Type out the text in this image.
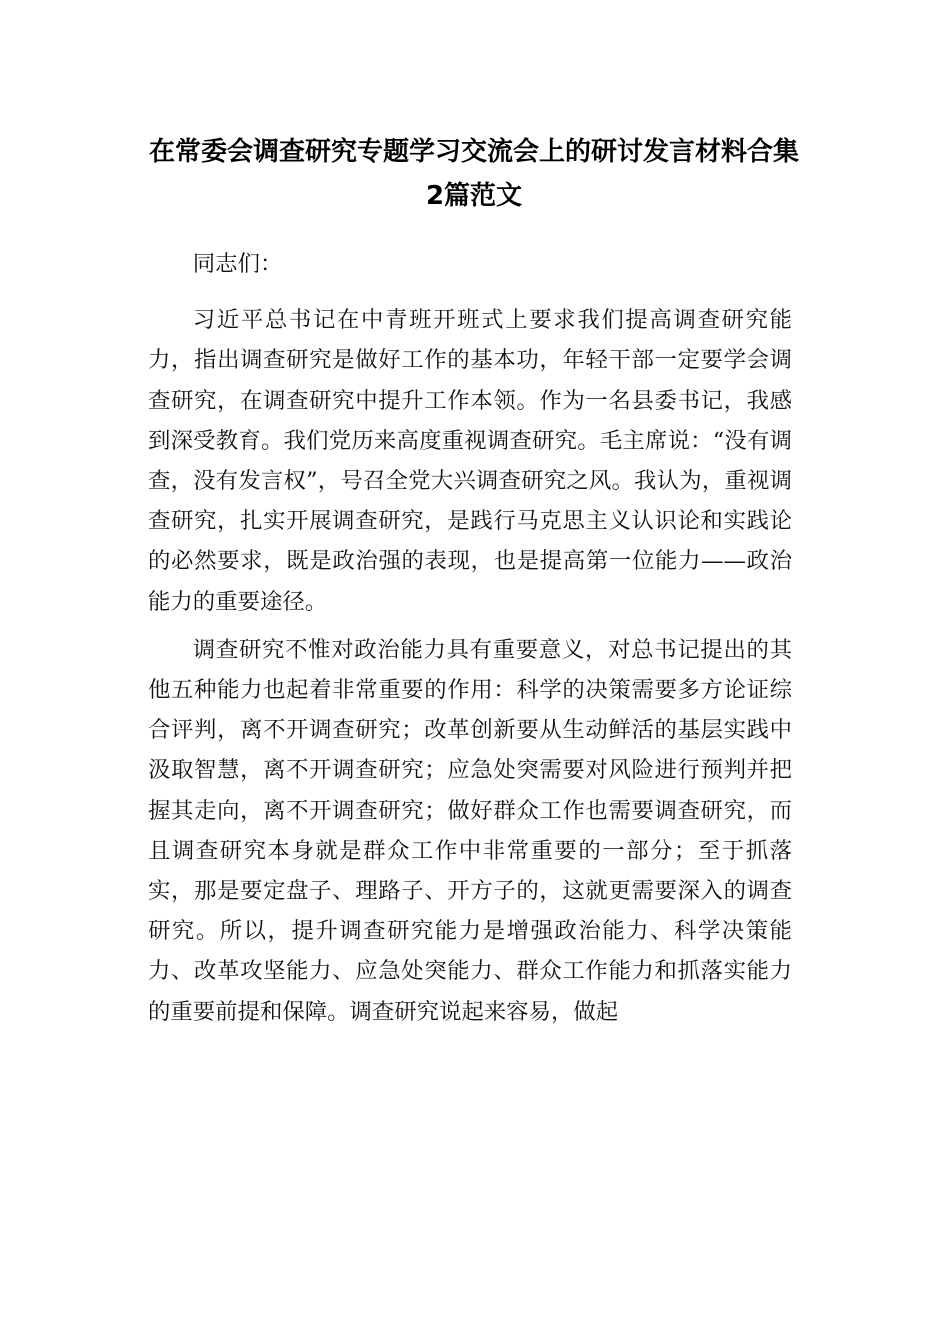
在常委会调查研究专题学习交流会上的研讨发言材料合集2篇范文

同志们：

习近平总书记在中青班开班式上要求我们提高调查研究能力，指出调查研究是做好工作的基本功，年轻干部一定要学会调查研究，在调查研究中提升工作本领。作为一名县委书记，我感到深受教育。我们党历来高度重视调查研究。毛主席说：“没有调查，没有发言权”，号召全党大兴调查研究之风。我认为，重视调查研究，扎实开展调查研究，是践行马克思主义认识论和实践论的必然要求，既是政治强的表现，也是提高第一位能力——政治能力的重要途径。

调查研究不惟对政治能力具有重要意义，对总书记提出的其他五种能力也起着非常重要的作用：科学的决策需要多方论证综合评判，离不开调查研究；改革创新要从生动鲜活的基层实践中汲取智慧，离不开调查研究；应急处突需要对风险进行预判并把握其走向，离不开调查研究；做好群众工作也需要调查研究，而且调查研究本身就是群众工作中非常重要的一部分；至于抓落实，那是要定盘子、理路子、开方子的，这就更需要深入的调查研究。所以，提升调查研究能力是增强政治能力、科学决策能力、改革攻坚能力、应急处突能力、群众工作能力和抓落实能力的重要前提和保障。调查研究说起来容易，做起
